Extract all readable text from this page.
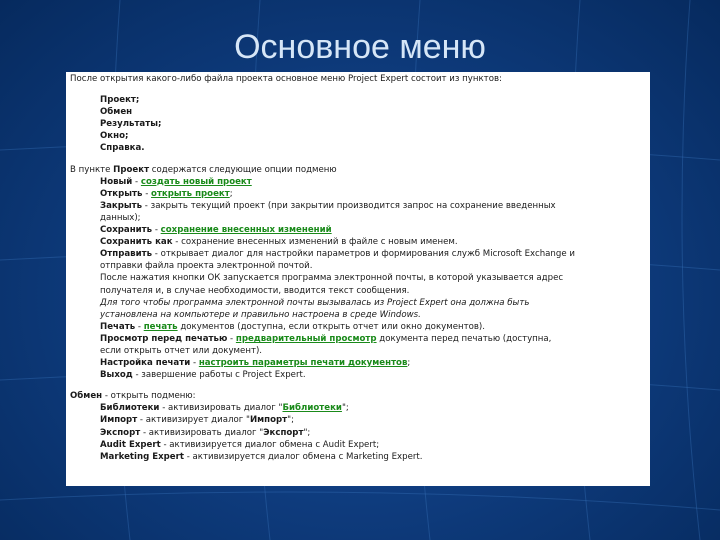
Основное меню
После открытия какого-либо файла проекта основное меню Project Expert состоит из пунктов:
Проект;
Обмен
Результаты;
Окно;
Справка.
В пункте Проект содержатся следующие опции подменю
Новый - создать новый проект
Открыть - открыть проект;
Закрыть - закрыть текущий проект (при закрытии производится запрос на сохранение введенных
данных);
Сохранить - сохранение внесенных изменений
Сохранить как - сохранение внесенных изменений в файле с новым именем.
Отправить - открывает диалог для настройки параметров и формирования служб Microsoft Exchange и
отправки файла проекта электронной почтой.
После нажатия кнопки ОК запускается программа электронной почты, в которой указывается адрес
получателя и, в случае необходимости, вводится текст сообщения.
Для того чтобы программа электронной почты вызывалась из Project Expert она должна быть
установлена на компьютере и правильно настроена в среде Windows.
Печать - печать документов (доступна, если открыть отчет или окно документов).
Просмотр перед печатью - предварительный просмотр документа перед печатью (доступна,
если открыть отчет или документ).
Настройка печати - настроить параметры печати документов;
Выход - завершение работы с Project Expert.
Обмен - открыть подменю:
Библиотеки - активизировать диалог "Библиотеки";
Импорт - активизирует диалог "Импорт";
Экспорт - активизировать диалог "Экспорт";
Audit Expert - активизируется диалог обмена с Audit Expert;
Marketing Expert - активизируется диалог обмена с Marketing Expert.
